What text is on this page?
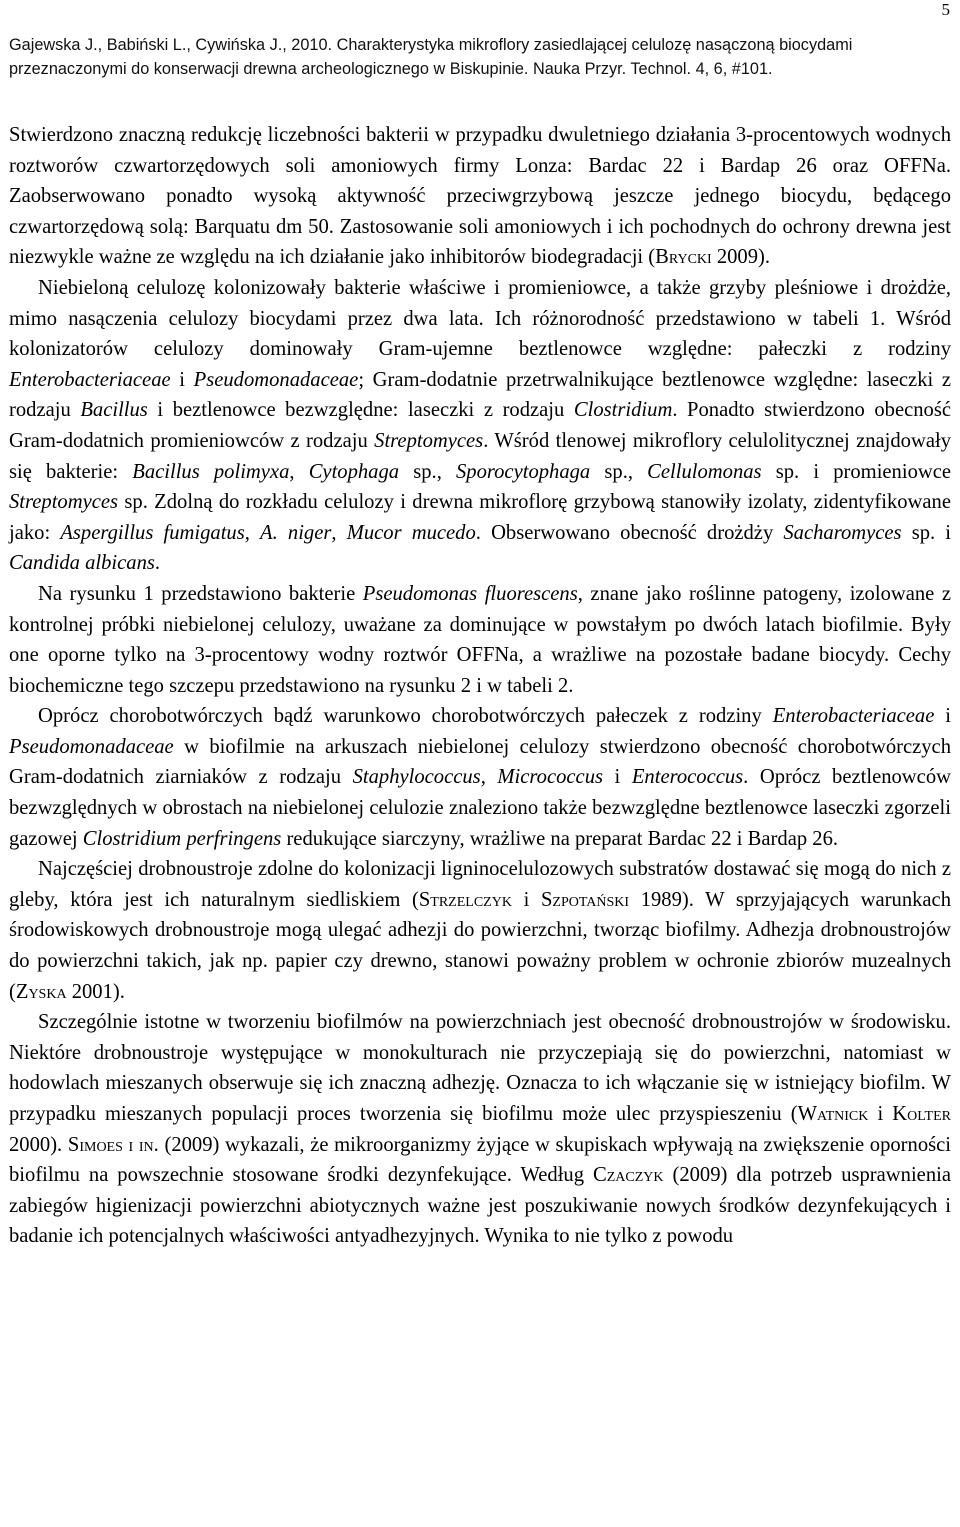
5
Gajewska J., Babiński L., Cywińska J., 2010. Charakterystyka mikroflory zasiedlającej celulozę nasączoną biocydami przeznaczonymi do konserwacji drewna archeologicznego w Biskupinie. Nauka Przyr. Technol. 4, 6, #101.

Stwierdzono znaczną redukcję liczebności bakterii w przypadku dwuletniego działania 3-procentowych wodnych roztworów czwartorzędowych soli amoniowych firmy Lonza: Bardac 22 i Bardap 26 oraz OFFNa. Zaobserwowano ponadto wysoką aktywność przeciwgrzybową jeszcze jednego biocydu, będącego czwartorzędową solą: Barquatu dm 50. Zastosowanie soli amoniowych i ich pochodnych do ochrony drewna jest niezwykle ważne ze względu na ich działanie jako inhibitorów biodegradacji (Brycki 2009).

Niebieloną celulozę kolonizowały bakterie właściwe i promieniowce, a także grzyby pleśniowe i drożdże, mimo nasączenia celulozy biocydami przez dwa lata. Ich różnorodność przedstawiono w tabeli 1. Wśród kolonizatorów celulozy dominowały Gram-ujemne beztlenowce względne: pałeczki z rodziny Enterobacteriaceae i Pseudomonadaceae; Gram-dodatnie przetrwalnikujące beztlenowce względne: laseczki z rodzaju Bacillus i beztlenowce bezwzględne: laseczki z rodzaju Clostridium. Ponadto stwierdzono obecność Gram-dodatnich promieniowców z rodzaju Streptomyces. Wśród tlenowej mikroflory celulolitycznej znajdowały się bakterie: Bacillus polimyxa, Cytophaga sp., Sporocytophaga sp., Cellulomonas sp. i promieniowce Streptomyces sp. Zdolną do rozkładu celulozy i drewna mikroflorę grzybową stanowiły izolaty, zidentyfikowane jako: Aspergillus fumigatus, A. niger, Mucor mucedo. Obserwowano obecność drożdży Sacharomyces sp. i Candida albicans.

Na rysunku 1 przedstawiono bakterie Pseudomonas fluorescens, znane jako roślinne patogeny, izolowane z kontrolnej próbki niebielonej celulozy, uważane za dominujące w powstałym po dwóch latach biofilmie. Były one oporne tylko na 3-procentowy wodny roztwór OFFNa, a wrażliwe na pozostałe badane biocydy. Cechy biochemiczne tego szczepu przedstawiono na rysunku 2 i w tabeli 2.

Oprócz chorobotwórczych bądź warunkowo chorobotwórczych pałeczek z rodziny Enterobacteriaceae i Pseudomonadaceae w biofilmie na arkuszach niebielonej celulozy stwierdzono obecność chorobotwórczych Gram-dodatnich ziarniaków z rodzaju Staphylococcus, Micrococcus i Enterococcus. Oprócz beztlenowców bezwzględnych w obrostach na niebielonej celulozie znaleziono także bezwzględne beztlenowce laseczki zgorzeli gazowej Clostridium perfringens redukujące siarczyny, wrażliwe na preparat Bardac 22 i Bardap 26.

Najczęściej drobnoustroje zdolne do kolonizacji ligninocelulozowych substratów dostawać się mogą do nich z gleby, która jest ich naturalnym siedliskiem (Strzelczyk i Szpotański 1989). W sprzyjających warunkach środowiskowych drobnoustroje mogą ulegać adhezji do powierzchni, tworząc biofilmy. Adhezja drobnoustrojów do powierzchni takich, jak np. papier czy drewno, stanowi poważny problem w ochronie zbiorów muzealnych (Zyska 2001).

Szczególnie istotne w tworzeniu biofilmów na powierzchniach jest obecność drobnoustrojów w środowisku. Niektóre drobnoustroje występujące w monokulturach nie przyczepiają się do powierzchni, natomiast w hodowlach mieszanych obserwuje się ich znaczną adhezję. Oznacza to ich włączanie się w istniejący biofilm. W przypadku mieszanych populacji proces tworzenia się biofilmu może ulec przyspieszeniu (Watnick i Kolter 2000). Simoes i in. (2009) wykazali, że mikroorganizmy żyjące w skupiskach wpływają na zwiększenie oporności biofilmu na powszechnie stosowane środki dezynfekujące. Według Czaczyk (2009) dla potrzeb usprawnienia zabiegów higienizacji powierzchni abiotycznych ważne jest poszukiwanie nowych środków dezynfekujących i badanie ich potencjalnych właściwości antyadhezyjnych. Wynika to nie tylko z powodu
